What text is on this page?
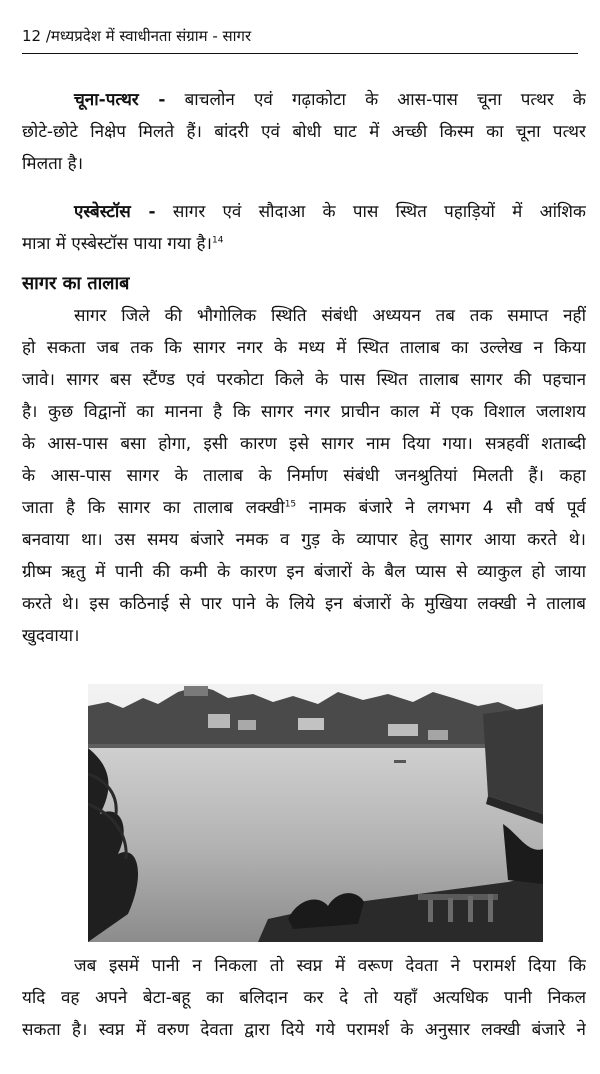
12 /मध्यप्रदेश में स्वाधीनता संग्राम - सागर
चूना-पत्थर - बाचलोन एवं गढ़ाकोटा के आस-पास चूना पत्थर के
छोटे-छोटे निक्षेप मिलते हैं। बांदरी एवं बोधी घाट में अच्छी किस्म का चूना पत्थर
मिलता है।
एस्बेस्टॉस - सागर एवं सौदाआ के पास स्थित पहाड़ियों में आंशिक
मात्रा में एस्बेस्टॉस पाया गया है।$^{14}$
सागर का तालाब
सागर जिले की भौगोलिक स्थिति संबंधी अध्ययन तब तक समाप्त नहीं
हो सकता जब तक कि सागर नगर के मध्य में स्थित तालाब का उल्लेख न किया
जावे। सागर बस स्टैंण्ड एवं परकोटा किले के पास स्थित तालाब सागर की पहचान
है। कुछ विद्वानों का मानना है कि सागर नगर प्राचीन काल में एक विशाल जलाशय
के आस-पास बसा होगा, इसी कारण इसे सागर नाम दिया गया। सत्रहवीं शताब्दी
के आस-पास सागर के तालाब के निर्माण संबंधी जनश्रुतियां मिलती हैं। कहा
जाता है कि सागर का तालाब लक्खी$^{15}$ नामक बंजारे ने लगभग 4 सौ वर्ष पूर्व
बनवाया था। उस समय बंजारे नमक व गुड़ के व्यापार हेतु सागर आया करते थे।
ग्रीष्म ऋतु में पानी की कमी के कारण इन बंजारों के बैल प्यास से व्याकुल हो जाया
करते थे। इस कठिनाई से पार पाने के लिये इन बंजारों के मुखिया लक्खी ने तालाब
खुदवाया।
जब इसमें पानी न निकला तो स्वप्न में वरूण देवता ने परामर्श दिया कि
यदि वह अपने बेटा-बहू का बलिदान कर दे तो यहाँ अत्यधिक पानी निकल
सकता है। स्वप्न में वरुण देवता द्वारा दिये गये परामर्श के अनुसार लक्खी बंजारे ने
